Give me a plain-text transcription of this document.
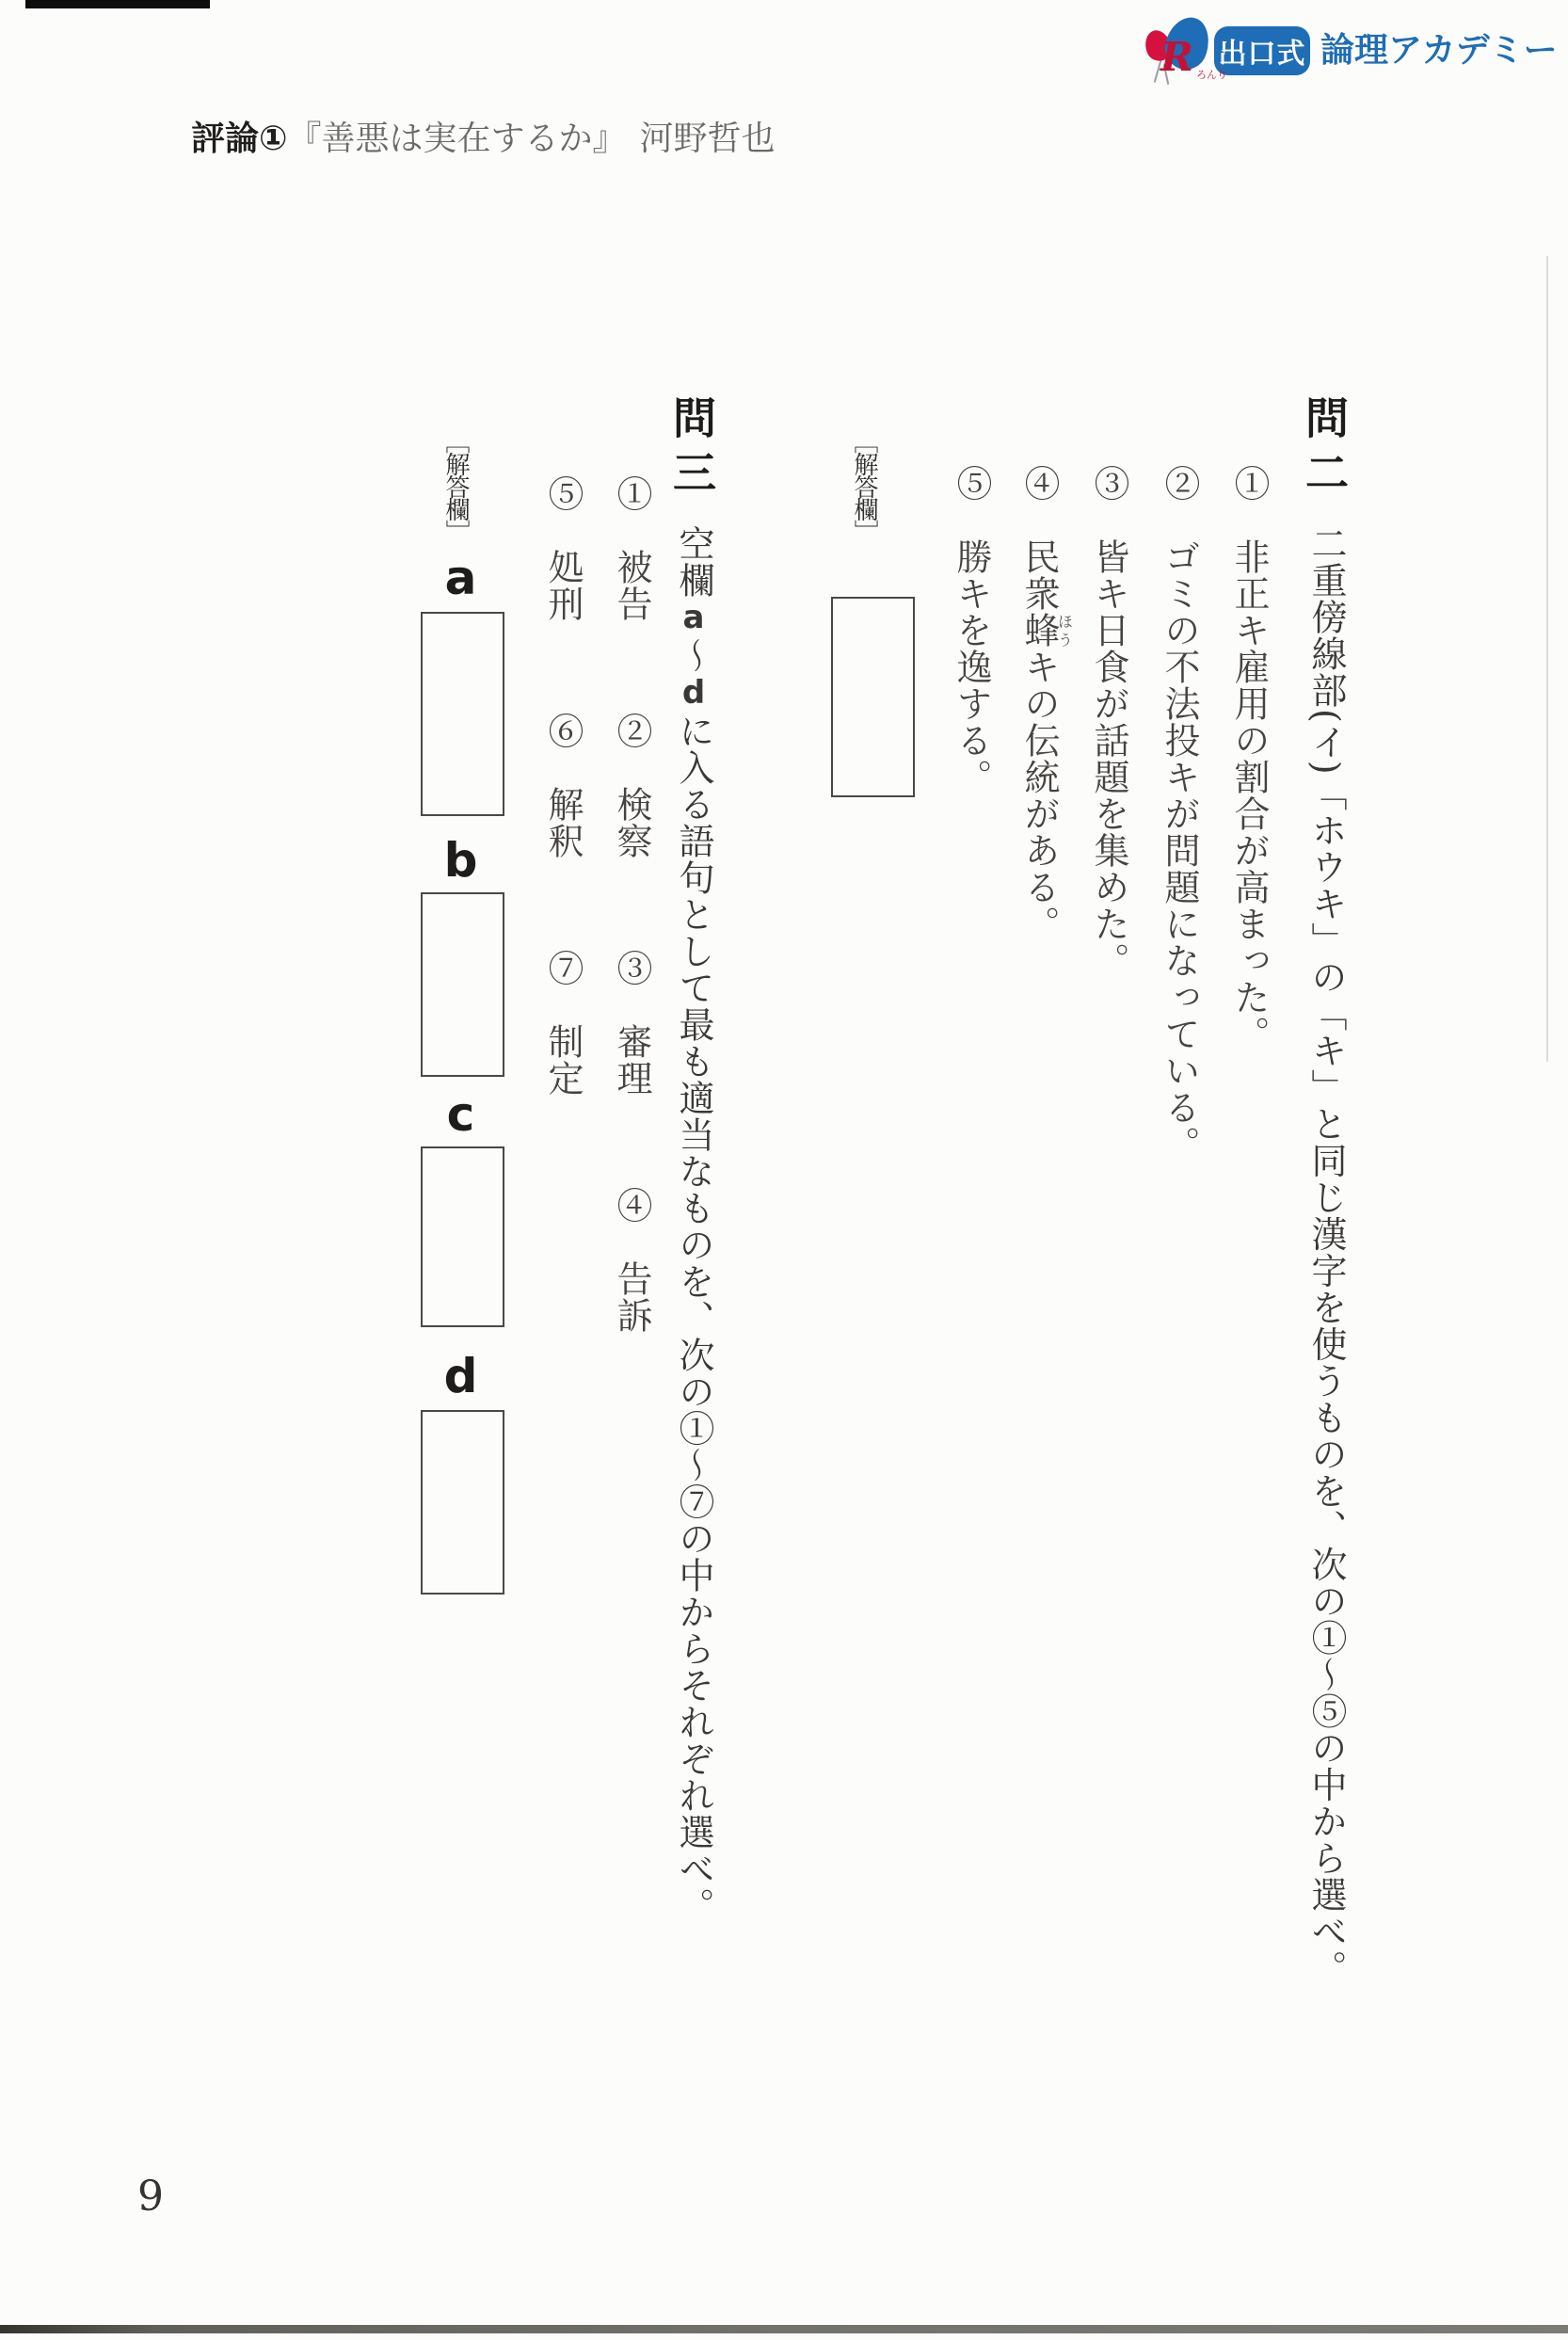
R ろんり
出口式 論理アカデミー
評論①『善悪は実在するか』 河野哲也
問二
二重傍線部(イ)「ホウキ」の「キ」と同じ漢字を使うものを、次の①～⑤の中から選べ。
①　非正キ雇用の割合が高まった。
②　ゴミの不法投キが問題になっている。
③　皆キ日食が話題を集めた。
④　民衆蜂ほうキの伝統がある。
⑤　勝キを逸する。
［解答欄］
問三
空欄a～dに入る語句として最も適当なものを、次の①～⑦の中からそれぞれ選べ。
①　被告
②　検察
③　審理
④　告訴
⑤　処刑
⑥　解釈
⑦　制定
［解答欄］
a
b
c
d
9
